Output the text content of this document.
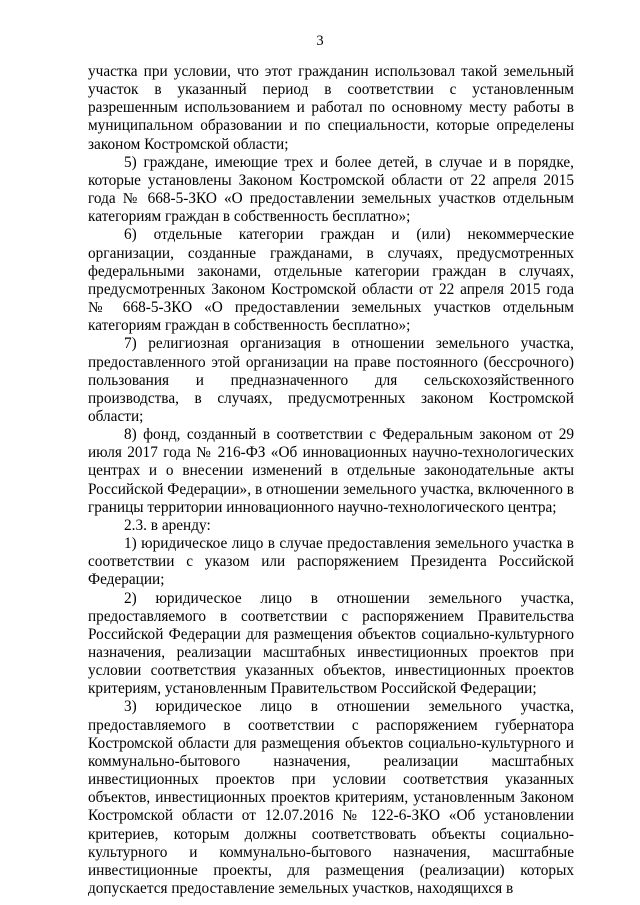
3

участка при условии, что этот гражданин использовал такой земельный участок в указанный период в соответствии с установленным разрешенным использованием и работал по основному месту работы в муниципальном образовании и по специальности, которые определены законом Костромской области;

5) граждане, имеющие трех и более детей, в случае и в порядке, которые установлены Законом Костромской области от 22 апреля 2015 года № 668-5-ЗКО «О предоставлении земельных участков отдельным категориям граждан в собственность бесплатно»;

6) отдельные категории граждан и (или) некоммерческие организации, созданные гражданами, в случаях, предусмотренных федеральными законами, отдельные категории граждан в случаях, предусмотренных Законом Костромской области от 22 апреля 2015 года № 668-5-ЗКО «О предоставлении земельных участков отдельным категориям граждан в собственность бесплатно»;

7) религиозная организация в отношении земельного участка, предоставленного этой организации на праве постоянного (бессрочного) пользования и предназначенного для сельскохозяйственного производства, в случаях, предусмотренных законом Костромской области;

8) фонд, созданный в соответствии с Федеральным законом от 29 июля 2017 года № 216-ФЗ «Об инновационных научно-технологических центрах и о внесении изменений в отдельные законодательные акты Российской Федерации», в отношении земельного участка, включенного в границы территории инновационного научно-технологического центра;

2.3. в аренду:

1) юридическое лицо в случае предоставления земельного участка в соответствии с указом или распоряжением Президента Российской Федерации;

2) юридическое лицо в отношении земельного участка, предоставляемого в соответствии с распоряжением Правительства Российской Федерации для размещения объектов социально-культурного назначения, реализации масштабных инвестиционных проектов при условии соответствия указанных объектов, инвестиционных проектов критериям, установленным Правительством Российской Федерации;

3) юридическое лицо в отношении земельного участка, предоставляемого в соответствии с распоряжением губернатора Костромской области для размещения объектов социально-культурного и коммунально-бытового назначения, реализации масштабных инвестиционных проектов при условии соответствия указанных объектов, инвестиционных проектов критериям, установленным Законом Костромской области от 12.07.2016 № 122-6-ЗКО «Об установлении критериев, которым должны соответствовать объекты социально-культурного и коммунально-бытового назначения, масштабные инвестиционные проекты, для размещения (реализации) которых допускается предоставление земельных участков, находящихся в
